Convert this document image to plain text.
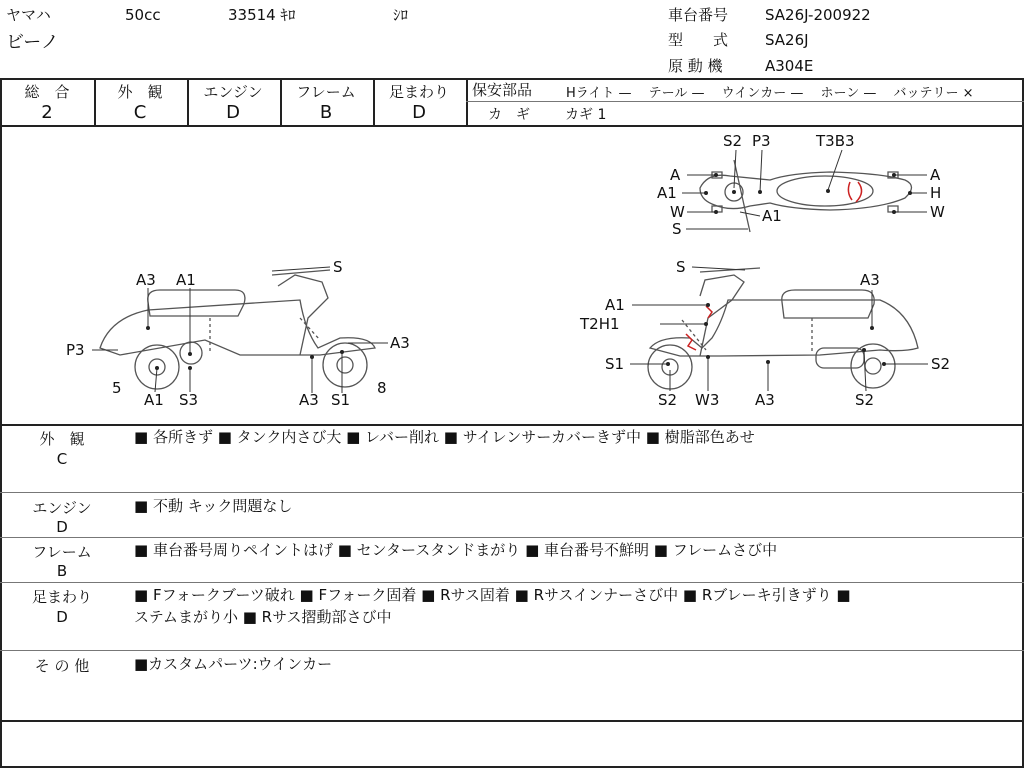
ヤマハ
ビーノ
50cc	33514 ｷﾛ	ｼﾛ	車台番号 SA26J-200922
型　　式 SA26J
原 動 機	A304E
総　合
2
外　観
C
エンジン
D
フレーム
B
足まわり
D
保安部品	Hライト —　 テール —　 ウインカー —　 ホーン —　 バッテリー ×
カ　ギ	カギ 1
S2 P3	T3B3
A
A1
W
S
A1
A
H
W
A3 A1
S
P3	A3
5	8
A1 S3	A3 S1
S
A3
A1
T2H1
S1
S2 W3 A3
S2
S2
外　観
C
■ 各所きず ■ タンク内さび大 ■ レバー削れ ■ サイレンサーカバーきず中 ■ 樹脂部色あせ
エンジン
D
■ 不動 キック問題なし
フレーム
B
■ 車台番号周りペイントはげ ■ センタースタンドまがり ■ 車台番号不鮮明 ■ フレームさび中
足まわり
D
■ Fフォークブーツ破れ ■ Fフォーク固着 ■ Rサス固着 ■ Rサスインナーさび中 ■ Rブレーキ引きずり ■
ステムまがり小 ■ Rサス摺動部さび中
そ の 他	■カスタムパーツ:ウインカー
